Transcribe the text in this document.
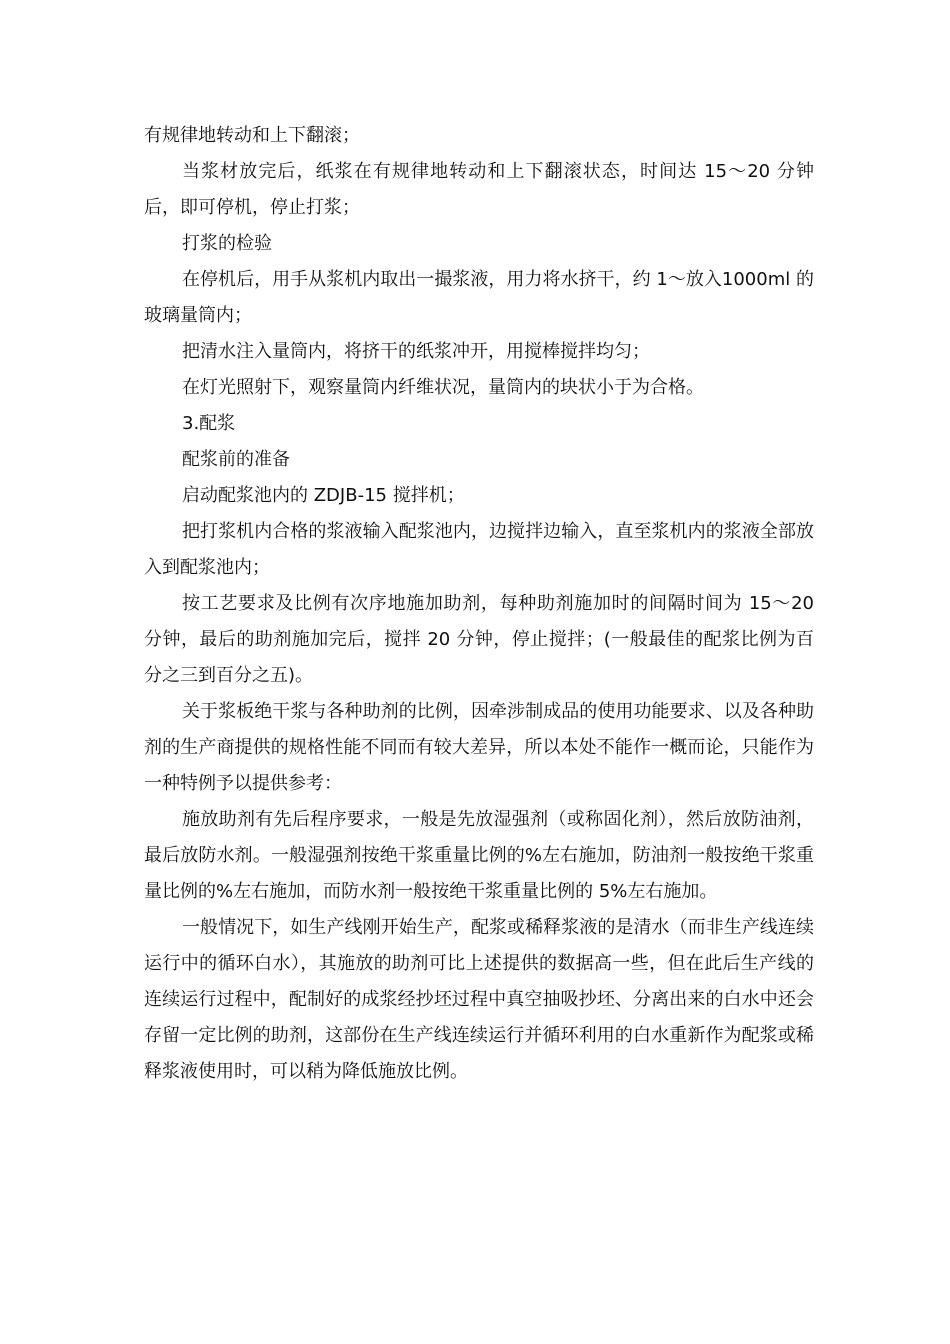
有规律地转动和上下翻滚；

当浆材放完后，纸浆在有规律地转动和上下翻滚状态，时间达 15～20 分钟后，即可停机，停止打浆；

打浆的检验

在停机后，用手从浆机内取出一撮浆液，用力将水挤干，约 1～放入1000ml 的玻璃量筒内；

把清水注入量筒内，将挤干的纸浆冲开，用搅棒搅拌均匀；

在灯光照射下，观察量筒内纤维状况，量筒内的块状小于为合格。

3.配浆

配浆前的准备

启动配浆池内的 ZDJB-15 搅拌机；

把打浆机内合格的浆液输入配浆池内，边搅拌边输入，直至浆机内的浆液全部放入到配浆池内；

按工艺要求及比例有次序地施加助剂，每种助剂施加时的间隔时间为 15～20 分钟，最后的助剂施加完后，搅拌 20 分钟，停止搅拌；(一般最佳的配浆比例为百分之三到百分之五)。

关于浆板绝干浆与各种助剂的比例，因牵涉制成品的使用功能要求、以及各种助剂的生产商提供的规格性能不同而有较大差异，所以本处不能作一概而论，只能作为一种特例予以提供参考：

施放助剂有先后程序要求，一般是先放湿强剂（或称固化剂），然后放防油剂，最后放防水剂。一般湿强剂按绝干浆重量比例的%左右施加，防油剂一般按绝干浆重量比例的%左右施加，而防水剂一般按绝干浆重量比例的 5%左右施加。

一般情况下，如生产线刚开始生产，配浆或稀释浆液的是清水（而非生产线连续运行中的循环白水），其施放的助剂可比上述提供的数据高一些，但在此后生产线的连续运行过程中，配制好的成浆经抄坯过程中真空抽吸抄坯、分离出来的白水中还会存留一定比例的助剂，这部份在生产线连续运行并循环利用的白水重新作为配浆或稀释浆液使用时，可以稍为降低施放比例。
